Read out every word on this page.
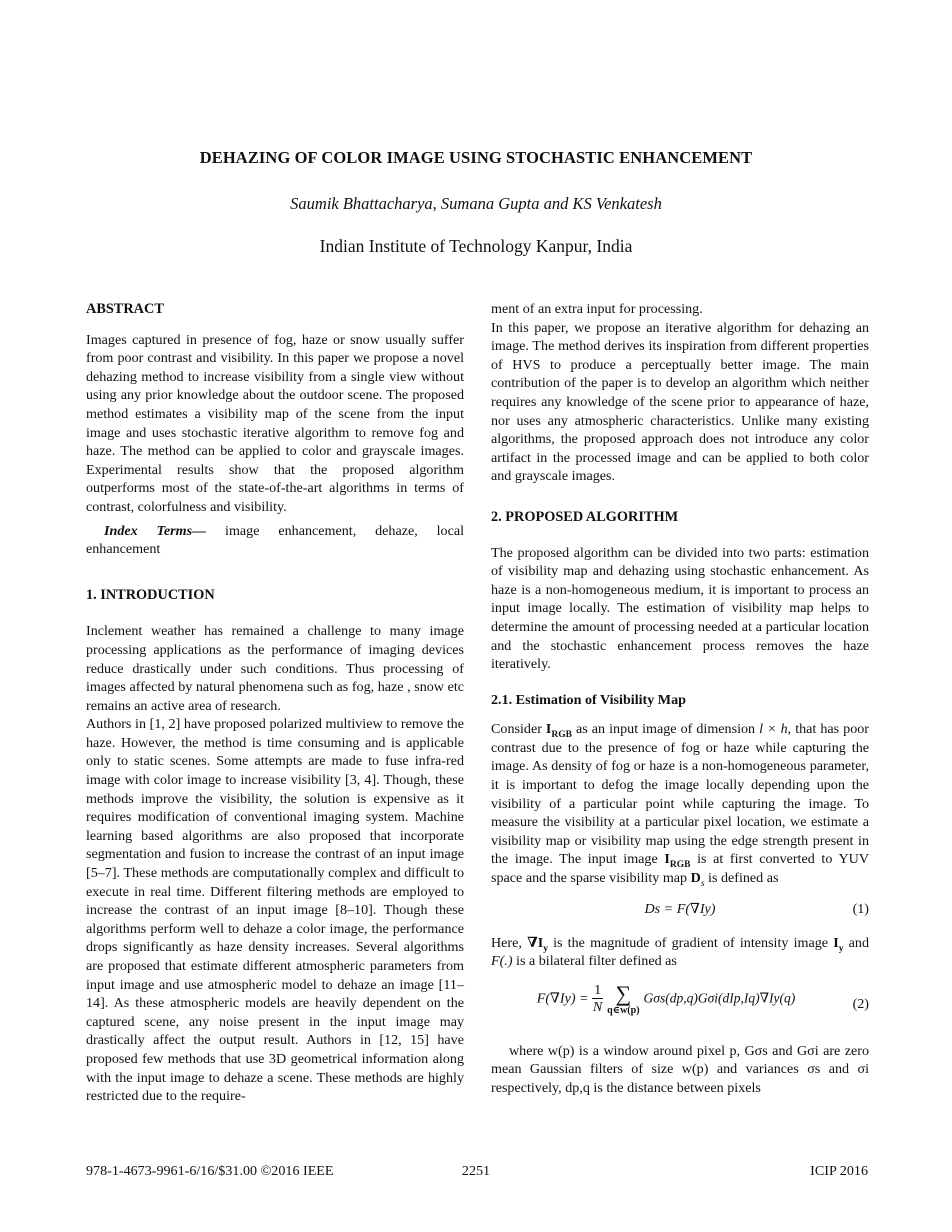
DEHAZING OF COLOR IMAGE USING STOCHASTIC ENHANCEMENT
Saumik Bhattacharya, Sumana Gupta and KS Venkatesh
Indian Institute of Technology Kanpur, India

ABSTRACT

Images captured in presence of fog, haze or snow usually suffer from poor contrast and visibility. In this paper we propose a novel dehazing method to increase visibility from a single view without using any prior knowledge about the outdoor scene. The proposed method estimates a visibility map of the scene from the input image and uses stochastic iterative algorithm to remove fog and haze. The method can be applied to color and grayscale images. Experimental results show that the proposed algorithm outperforms most of the state-of-the-art algorithms in terms of contrast, colorfulness and visibility.

Index Terms— image enhancement, dehaze, local enhancement

1. INTRODUCTION

Inclement weather has remained a challenge to many image processing applications as the performance of imaging devices reduce drastically under such conditions. Thus processing of images affected by natural phenomena such as fog, haze , snow etc remains an active area of research.

Authors in [1, 2] have proposed polarized multiview to remove the haze. However, the method is time consuming and is applicable only to static scenes. Some attempts are made to fuse infra-red image with color image to increase visibility [3, 4]. Though, these methods improve the visibility, the solution is expensive as it requires modification of conventional imaging system. Machine learning based algorithms are also proposed that incorporate segmentation and fusion to increase the contrast of an input image [5–7]. These methods are computationally complex and difficult to execute in real time. Different filtering methods are employed to increase the contrast of an input image [8–10]. Though these algorithms perform well to dehaze a color image, the performance drops significantly as haze density increases. Several algorithms are proposed that estimate different atmospheric parameters from input image and use atmospheric model to dehaze an image [11–14]. As these atmospheric models are heavily dependent on the captured scene, any noise present in the input image may drastically affect the output result. Authors in [12, 15] have proposed few methods that use 3D geometrical information along with the input image to dehaze a scene. These methods are highly restricted due to the require-

ment of an extra input for processing.

In this paper, we propose an iterative algorithm for dehazing an image. The method derives its inspiration from different properties of HVS to produce a perceptually better image. The main contribution of the paper is to develop an algorithm which neither requires any knowledge of the scene prior to appearance of haze, nor uses any atmospheric characteristics. Unlike many existing algorithms, the proposed approach does not introduce any color artifact in the processed image and can be applied to both color and grayscale images.

2. PROPOSED ALGORITHM

The proposed algorithm can be divided into two parts: estimation of visibility map and dehazing using stochastic enhancement. As haze is a non-homogeneous medium, it is important to process an input image locally. The estimation of visibility map helps to determine the amount of processing needed at a particular location and the stochastic enhancement process removes the haze iteratively.

2.1. Estimation of Visibility Map

Consider $I_{RGB}$ as an input image of dimension l × h, that has poor contrast due to the presence of fog or haze while capturing the image. As density of fog or haze is a non-homogeneous parameter, it is important to defog the image locally depending upon the visibility of a particular point while capturing the image. To measure the visibility at a particular pixel location, we estimate a visibility map or visibility map using the edge strength present in the image. The input image $I_{RGB}$ is at first converted to YUV space and the sparse visibility map $D_s$ is defined as

Ds = F(∇Iy)	(1)

Here, $\nabla I_y$ is the magnitude of gradient of intensity image $I_y$ and F(.) is a bilateral filter defined as

$F(\nabla Iy) = \frac{1}{N}$ ∑
q∈w(p)
Gσs(dp,q)Gσi(dIp,Iq)∇Iy(q)	(2)

where w(p) is a window around pixel p, Gσs and Gσi are zero mean Gaussian filters of size w(p) and variances σs and σi respectively, dp,q is the distance between pixels

978-1-4673-9961-6/16/$31.00 ©2016 IEEE	2251	ICIP 2016
